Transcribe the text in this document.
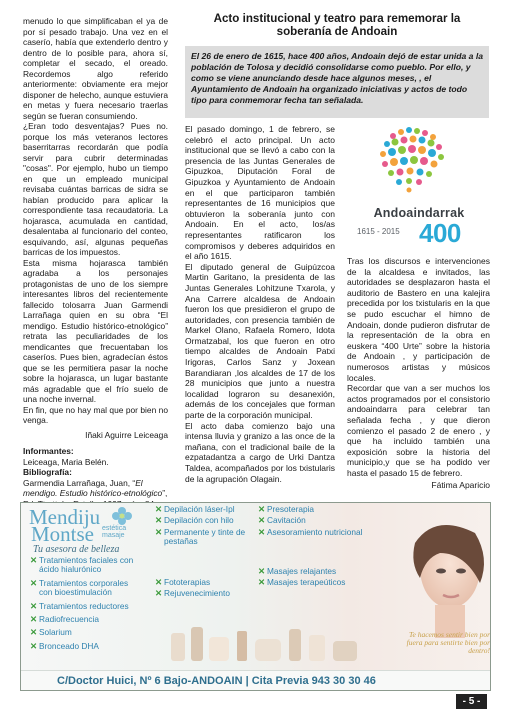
menudo lo que simplificaban el ya de por sí pesado trabajo. Una vez en el caserío, había que extenderlo dentro y dentro de lo posible para, ahora sí, completar el secado, el oreado. Recordemos algo referido anteriormente: obviamente era mejor disponer de helecho, aunque estuviera en metas y fuera necesario traerlas según se fueran consumiendo.

¿Eran todo desventajas? Pues no. porque los más veteranos lectores baserritarras recordarán que podía servir para cubrir determinadas "cosas". Por ejemplo, hubo un tiempo en que un empleado municipal revisaba cuántas barricas de sidra se habían producido para aplicar la correspondiente tasa recaudatoria. La hojarasca, acumulada en cantidad, desalentaba al funcionario del conteo, esquivando, así, algunas pequeñas barricas de los impuestos.

Esta misma hojarasca también agradaba a los personajes protagonistas de uno de los siempre interesantes libros del recientemente fallecido tolosarra Juan Garmendi Larrañaga quien en su obra “El mendigo. Estudio histórico-etnológico” retrata las peculiaridades de los mendicantes que frecuentaban los caseríos. Pues bien, agradecían éstos que se les permitiera pasar la noche sobre la hojarasca, un lugar bastante más agradable que el frío suelo de una noche invernal.

En fin, que no hay mal que por bien no venga.

Iñaki Aguirre Leiceaga

Informantes:
Leiceaga, Maria Belén.
Bibliografía:
Garmendia Larrañaga, Juan, “El mendigo. Estudio histórico-etnológico”,
Acto institucional y teatro para rememorar la soberanía de Andoain
El 26 de enero de 1615, hace 400 años, Andoain dejó de estar unida a la población de Tolosa y decidió consolidarse como pueblo. Por ello, y como se viene anunciando desde hace algunos meses, , el Ayuntamiento de Andoain ha organizado iniciativas y actos de todo tipo para conmemorar fecha tan señalada.

El pasado domingo, 1 de febrero, se celebró el acto principal. Un acto institucional que se llevó a cabo con la presencia de las Juntas Generales de Gipuzkoa, Diputación Foral de Gipuzkoa y Ayuntamiento de Andoain en el que participaron también representantes de 16 municipios que obtuvieron la soberanía junto con Andoain. En el acto, los/as representantes ratificaron los compromisos y deberes adquiridos en el año 1615.

El diputado general de Guipúzcoa Martin Garitano, la presidenta de las Juntas Generales Lohitzune Txarola, y Ana Carrere alcaldesa de Andoain fueron los que presidieron el grupo de autoridades, con presencia también de Markel Olano, Rafaela Romero, Idota Ormatzabal, los que fueron en otro tiempo alcaldes de Andoain Patxi Irigoras, Carlos Sanz y Joxean Barandiaran ,los alcaldes de 17 de los 28 municipios que junto a nuestra localidad lograron su desanexión, además de los concejales que forman parte de la corporación municipal.

El acto daba comienzo bajo una intensa lluvia y granizo a las once de la mañana, con el tradicional baile de la ezpatadantza a cargo de Urki Dantza Taldea, acompañados por los txistularis de la agrupación Olagain.

Andoaindarrak
1615 - 2015 400

Tras los discursos e intervenciones de la alcaldesa e invitados, las autoridades se desplazaron hasta el auditorio de Bastero en una kalejira precedida por los txistularis en la que se pudo escuchar el himno de Andoain, donde pudieron disfrutar de la representación de la obra en euskera “400 Urte” sobre la historia de Andoain , y participación de numerosos artistas y músicos locales.

Recordar que van a ser muchos los actos programados por el consistorio andoaindarra para celebrar tan señalada fecha , y que dieron comienzo el pasado 2 de enero , y que ha incluido también una exposición sobre la historia del municipio,y que se ha podido ver hasta el pasado 15 de febrero.

Fátima Aparicio

Mendiju
Montse estética
masaje
Tu asesora de belleza
✕ Tratamientos faciales con ácido hialurónico
✕ Tratamientos corporales con bioestimulación
✕ Tratamientos reductores
✕ Radiofrecuencia
✕ Solarium
✕ Bronceado DHA
✕ Depilación láser-Ipl
✕ Depilación con hilo
✕ Permanente y tinte de pestañas
✕ Fototerapias
✕ Rejuvenecimiento
✕ Presoterapia
✕ Cavitación
✕ Asesoramiento nutricional
✕ Masajes relajantes
✕ Masajes terapeúticos
Te hacemos sentir bien por fuera para sentirte bien por dentro!
C/Doctor Huici, Nº 6 Bajo-ANDOAIN | Cita Previa 943 30 30 46
- 5 -
